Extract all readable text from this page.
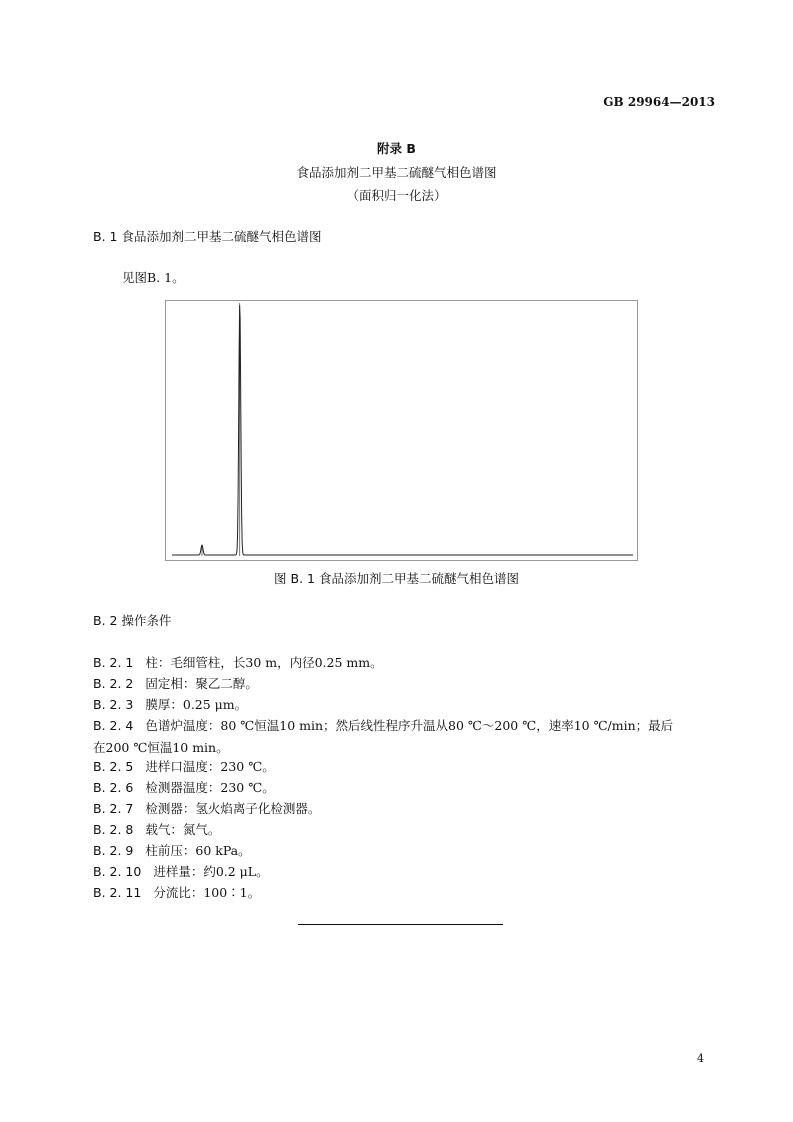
GB 29964—2013
附录 B
食品添加剂二甲基二硫醚气相色谱图
（面积归一化法）
B. 1 食品添加剂二甲基二硫醚气相色谱图
见图B. 1。
图 B. 1 食品添加剂二甲基二硫醚气相色谱图
B. 2 操作条件
B. 2. 1 柱：毛细管柱，长30 m，内径0.25 mm。
B. 2. 2 固定相：聚乙二醇。
B. 2. 3 膜厚：0.25 μm。
B. 2. 4 色谱炉温度：80 ℃恒温10 min；然后线性程序升温从80 ℃～200 ℃，速率10 ℃/min；最后
在200 ℃恒温10 min。
B. 2. 5 进样口温度：230 ℃。
B. 2. 6 检测器温度：230 ℃。
B. 2. 7 检测器：氢火焰离子化检测器。
B. 2. 8 载气：氮气。
B. 2. 9 柱前压：60 kPa。
B. 2. 10 进样量：约0.2 μL。
B. 2. 11 分流比：100∶1。
4
